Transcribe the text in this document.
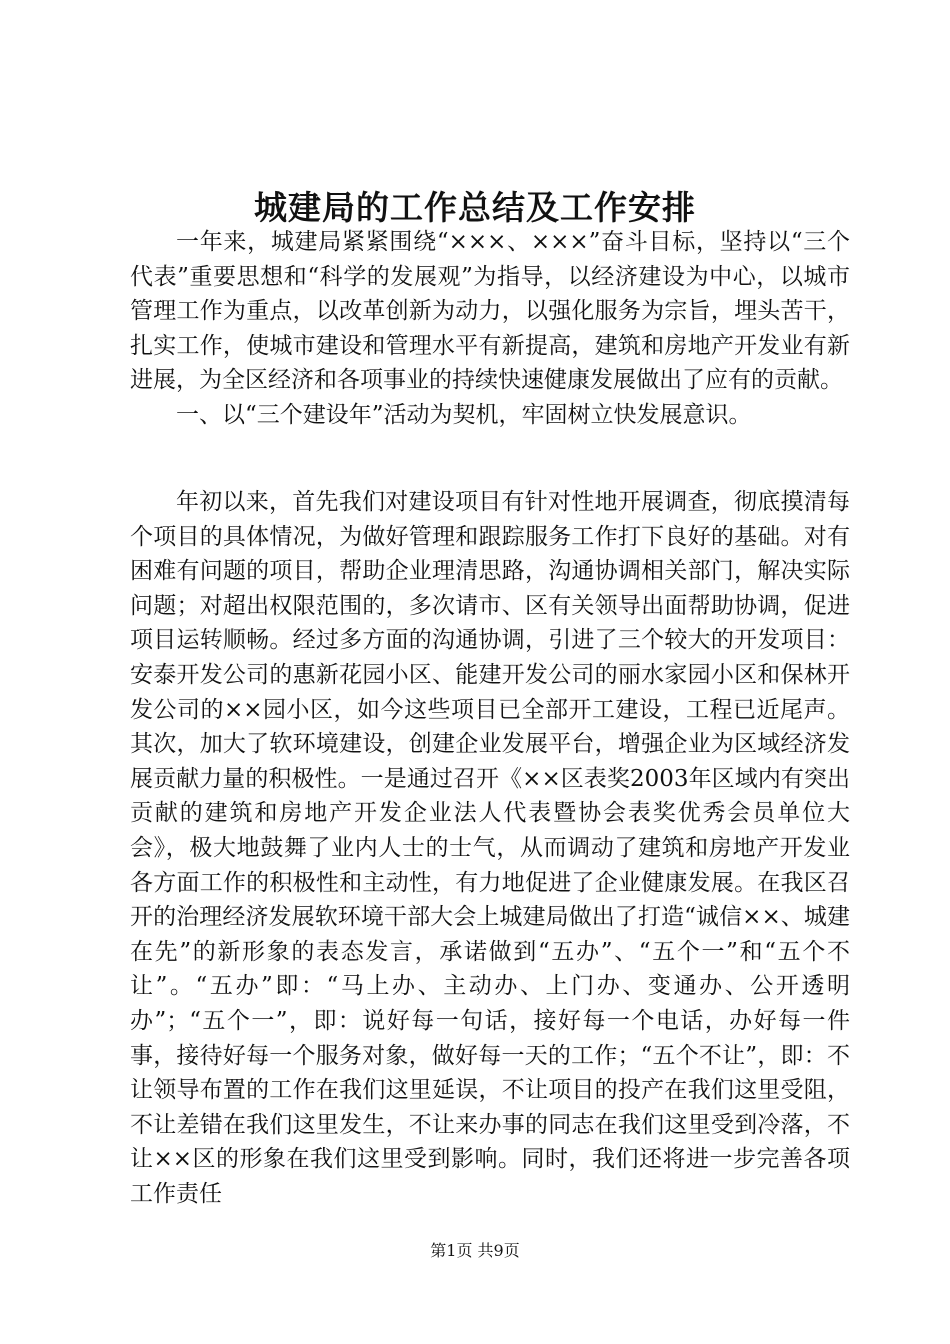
城建局的工作总结及工作安排

一年来，城建局紧紧围绕“×××、×××”奋斗目标，坚持以“三个代表”重要思想和“科学的发展观”为指导，以经济建设为中心，以城市管理工作为重点，以改革创新为动力，以强化服务为宗旨，埋头苦干，扎实工作，使城市建设和管理水平有新提高，建筑和房地产开发业有新进展，为全区经济和各项事业的持续快速健康发展做出了应有的贡献。

一、以“三个建设年”活动为契机，牢固树立快发展意识。

年初以来，首先我们对建设项目有针对性地开展调查，彻底摸清每个项目的具体情况，为做好管理和跟踪服务工作打下良好的基础。对有困难有问题的项目，帮助企业理清思路，沟通协调相关部门，解决实际问题；对超出权限范围的，多次请市、区有关领导出面帮助协调，促进项目运转顺畅。经过多方面的沟通协调，引进了三个较大的开发项目：安泰开发公司的惠新花园小区、能建开发公司的丽水家园小区和保林开发公司的××园小区，如今这些项目已全部开工建设，工程已近尾声。其次，加大了软环境建设，创建企业发展平台，增强企业为区域经济发展贡献力量的积极性。一是通过召开《××区表奖2003年区域内有突出贡献的建筑和房地产开发企业法人代表暨协会表奖优秀会员单位大会》，极大地鼓舞了业内人士的士气，从而调动了建筑和房地产开发业各方面工作的积极性和主动性，有力地促进了企业健康发展。在我区召开的治理经济发展软环境干部大会上城建局做出了打造“诚信××、城建在先”的新形象的表态发言，承诺做到“五办”、“五个一”和“五个不让”。“五办”即：“马上办、主动办、上门办、变通办、公开透明办”；“五个一”，即：说好每一句话，接好每一个电话，办好每一件事，接待好每一个服务对象，做好每一天的工作；“五个不让”，即：不让领导布置的工作在我们这里延误，不让项目的投产在我们这里受阻，不让差错在我们这里发生，不让来办事的同志在我们这里受到冷落，不让××区的形象在我们这里受到影响。同时，我们还将进一步完善各项工作责任

第1页 共9页
